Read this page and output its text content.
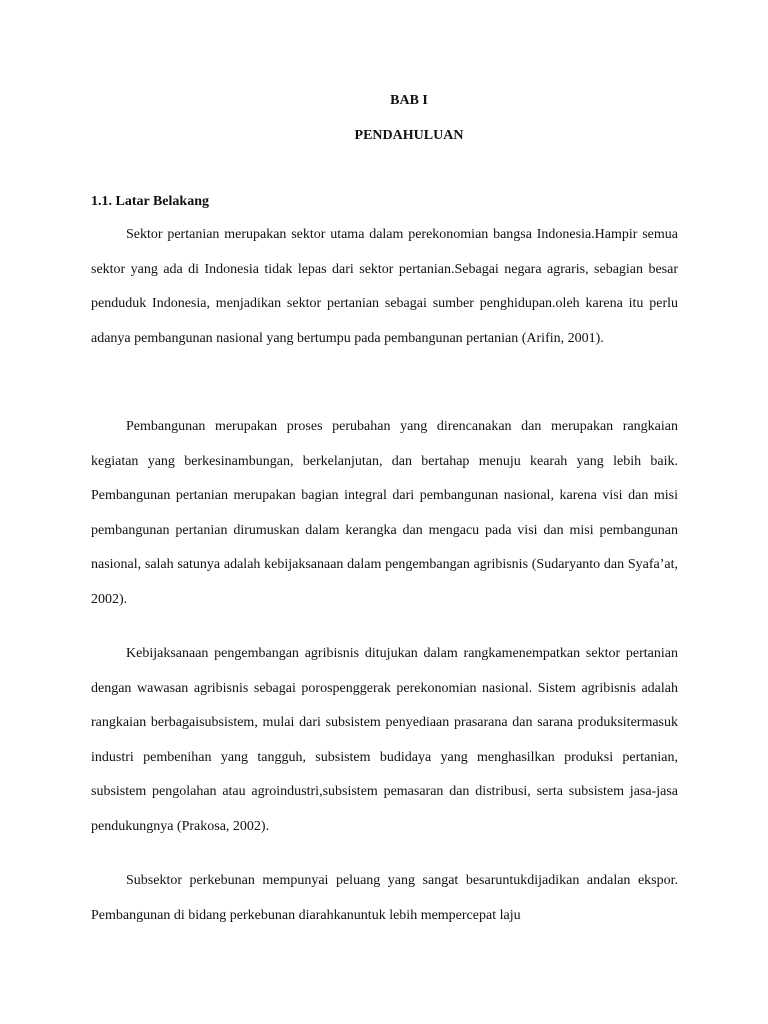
BAB I

PENDAHULUAN

1.1. Latar Belakang

Sektor pertanian merupakan sektor utama dalam perekonomian bangsa Indonesia.Hampir semua sektor yang ada di Indonesia tidak lepas dari sektor pertanian.Sebagai negara agraris, sebagian besar penduduk Indonesia, menjadikan sektor pertanian sebagai sumber penghidupan.oleh karena itu perlu adanya pembangunan nasional yang bertumpu pada pembangunan pertanian (Arifin, 2001).

Pembangunan merupakan proses perubahan yang direncanakan dan merupakan rangkaian kegiatan yang berkesinambungan, berkelanjutan, dan bertahap menuju kearah yang lebih baik. Pembangunan pertanian merupakan bagian integral dari pembangunan nasional, karena visi dan misi pembangunan pertanian dirumuskan dalam kerangka dan mengacu pada visi dan misi pembangunan nasional, salah satunya adalah kebijaksanaan dalam pengembangan agribisnis (Sudaryanto dan Syafa’at, 2002).

Kebijaksanaan pengembangan agribisnis ditujukan dalam rangkamenempatkan sektor pertanian dengan wawasan agribisnis sebagai porospenggerak perekonomian nasional. Sistem agribisnis adalah rangkaian berbagaisubsistem, mulai dari subsistem penyediaan prasarana dan sarana produksitermasuk industri pembenihan yang tangguh, subsistem budidaya yang menghasilkan produksi pertanian, subsistem pengolahan atau agroindustri,subsistem pemasaran dan distribusi, serta subsistem jasa-jasa pendukungnya (Prakosa, 2002).

Subsektor perkebunan mempunyai peluang yang sangat besaruntukdijadikan andalan ekspor. Pembangunan di bidang perkebunan diarahkanuntuk lebih mempercepat laju
